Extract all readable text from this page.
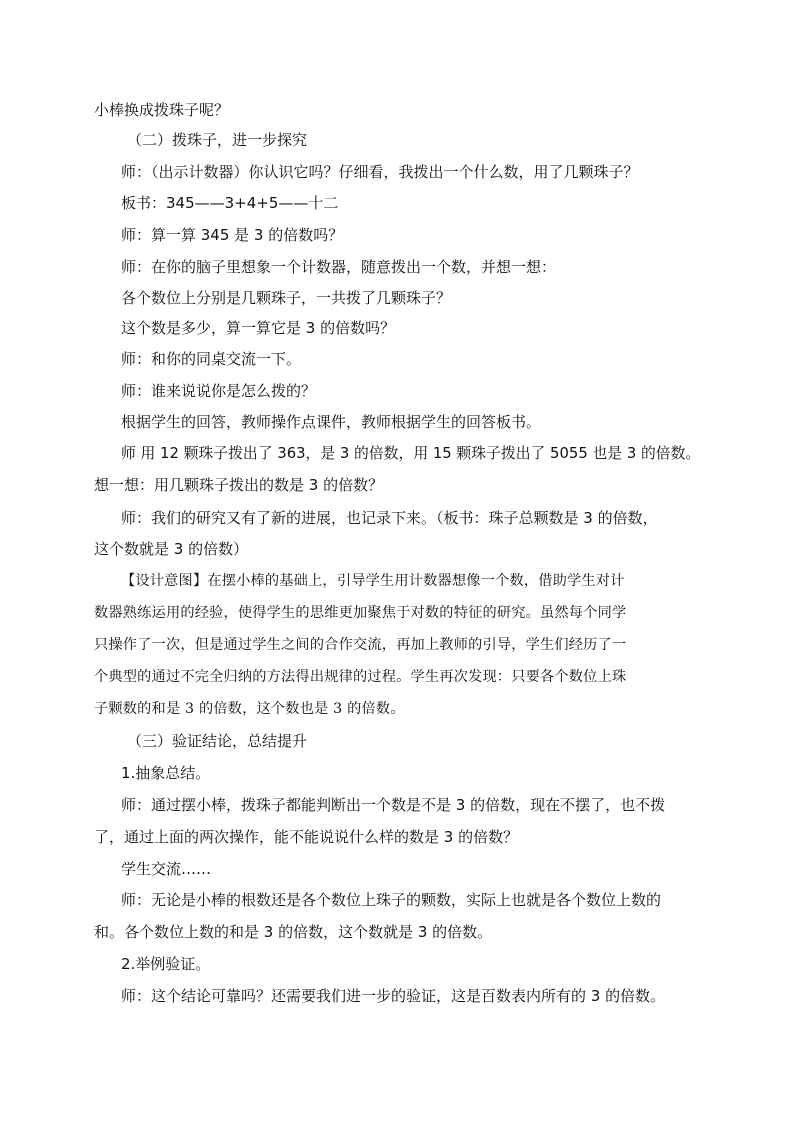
小棒换成拨珠子呢？
（二）拨珠子，进一步探究
师：（出示计数器）你认识它吗？仔细看，我拨出一个什么数，用了几颗珠子？
板书：345——3+4+5——十二
师：算一算 345 是 3 的倍数吗？
师：在你的脑子里想象一个计数器，随意拨出一个数，并想一想：
各个数位上分别是几颗珠子，一共拨了几颗珠子？
这个数是多少，算一算它是 3 的倍数吗？
师：和你的同桌交流一下。
师：谁来说说你是怎么拨的？
根据学生的回答，教师操作点课件，教师根据学生的回答板书。
师 用 12 颗珠子拨出了 363，是 3 的倍数，用 15 颗珠子拨出了 5055 也是 3 的倍数。
想一想：用几颗珠子拨出的数是 3 的倍数？
师：我们的研究又有了新的进展，也记录下来。（板书：珠子总颗数是 3 的倍数，
这个数就是 3 的倍数）
【设计意图】在摆小棒的基础上，引导学生用计数器想像一个数，借助学生对计
数器熟练运用的经验，使得学生的思维更加聚焦于对数的特征的研究。虽然每个同学
只操作了一次，但是通过学生之间的合作交流，再加上教师的引导，学生们经历了一
个典型的通过不完全归纳的方法得出规律的过程。学生再次发现：只要各个数位上珠
子颗数的和是 3 的倍数，这个数也是 3 的倍数。
（三）验证结论，总结提升
1.抽象总结。
师：通过摆小棒，拨珠子都能判断出一个数是不是 3 的倍数，现在不摆了，也不拨
了，通过上面的两次操作，能不能说说什么样的数是 3 的倍数？
学生交流……
师：无论是小棒的根数还是各个数位上珠子的颗数，实际上也就是各个数位上数的
和。各个数位上数的和是 3 的倍数，这个数就是 3 的倍数。
2.举例验证。
师：这个结论可靠吗？还需要我们进一步的验证，这是百数表内所有的 3 的倍数。
